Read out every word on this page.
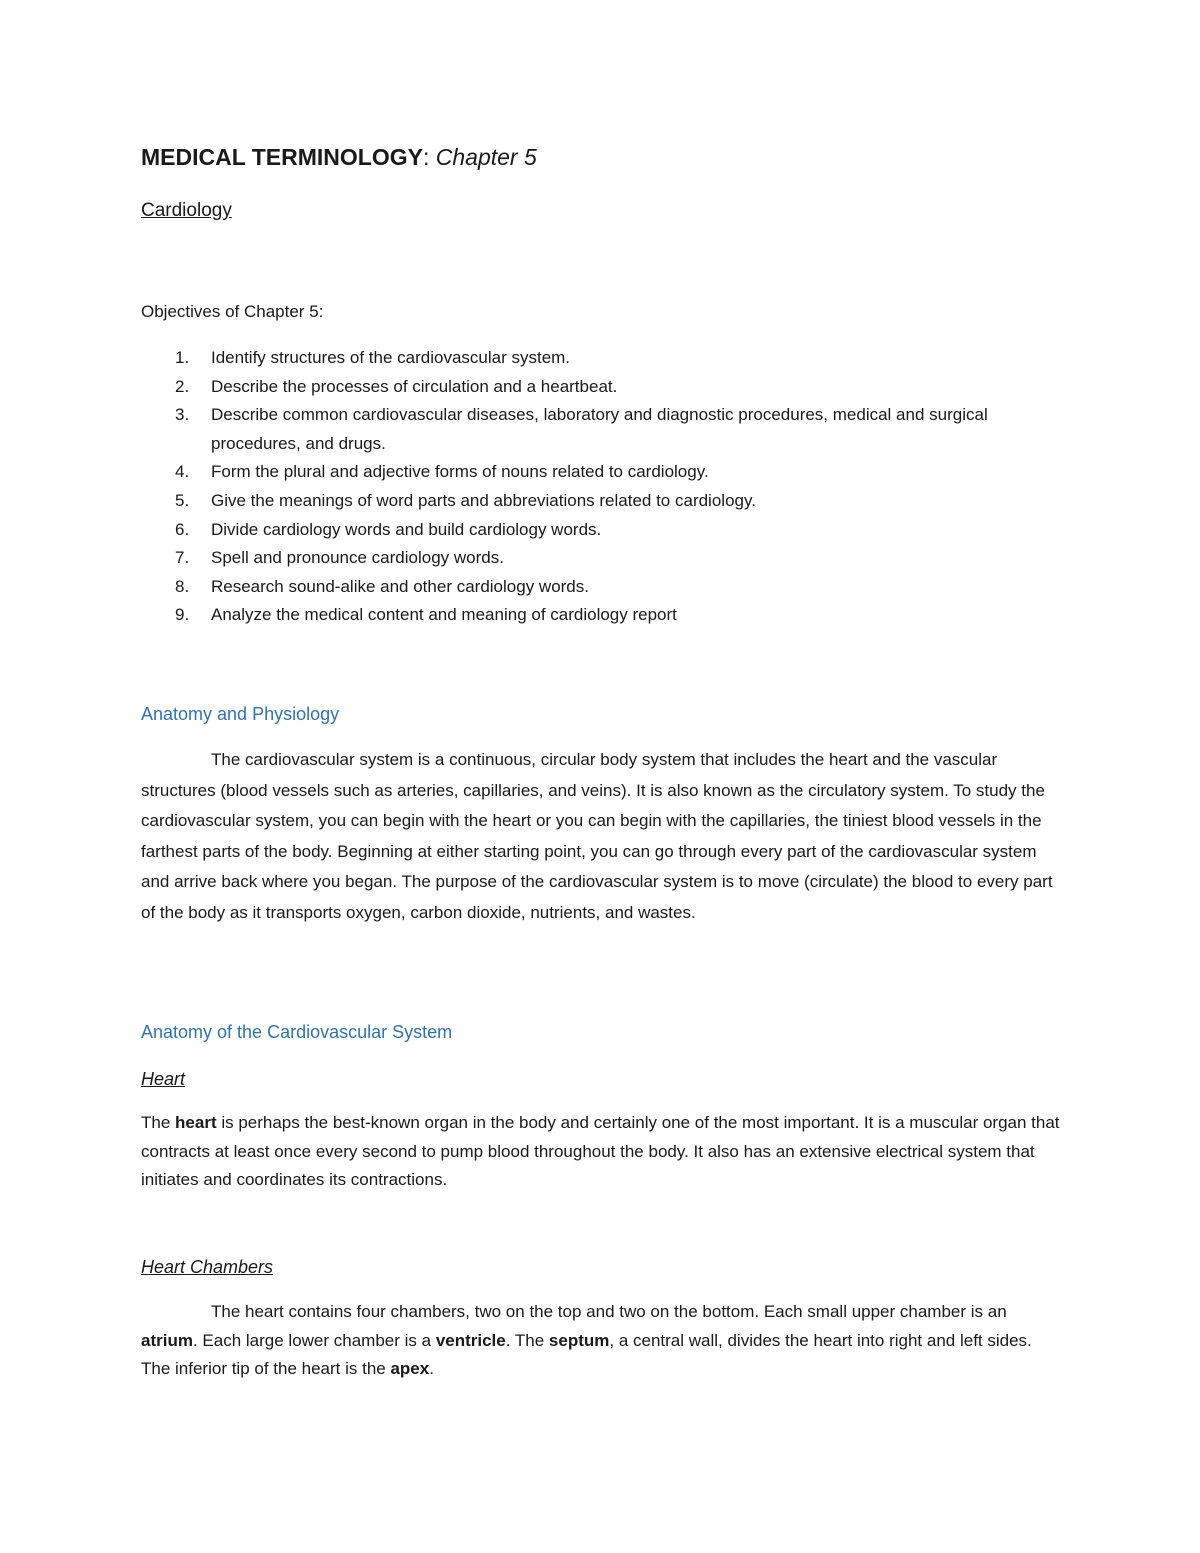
MEDICAL TERMINOLOGY: Chapter 5
Cardiology
Objectives of Chapter 5:
1. Identify structures of the cardiovascular system.
2. Describe the processes of circulation and a heartbeat.
3. Describe common cardiovascular diseases, laboratory and diagnostic procedures, medical and surgical procedures, and drugs.
4. Form the plural and adjective forms of nouns related to cardiology.
5. Give the meanings of word parts and abbreviations related to cardiology.
6. Divide cardiology words and build cardiology words.
7. Spell and pronounce cardiology words.
8. Research sound-alike and other cardiology words.
9. Analyze the medical content and meaning of cardiology report
Anatomy and Physiology

The cardiovascular system is a continuous, circular body system that includes the heart and the vascular structures (blood vessels such as arteries, capillaries, and veins). It is also known as the circulatory system. To study the cardiovascular system, you can begin with the heart or you can begin with the capillaries, the tiniest blood vessels in the farthest parts of the body. Beginning at either starting point, you can go through every part of the cardiovascular system and arrive back where you began. The purpose of the cardiovascular system is to move (circulate) the blood to every part of the body as it transports oxygen, carbon dioxide, nutrients, and wastes.

Anatomy of the Cardiovascular System
Heart

The heart is perhaps the best-known organ in the body and certainly one of the most important. It is a muscular organ that contracts at least once every second to pump blood throughout the body. It also has an extensive electrical system that initiates and coordinates its contractions.

Heart Chambers

The heart contains four chambers, two on the top and two on the bottom. Each small upper chamber is an atrium. Each large lower chamber is a ventricle. The septum, a central wall, divides the heart into right and left sides. The inferior tip of the heart is the apex.
